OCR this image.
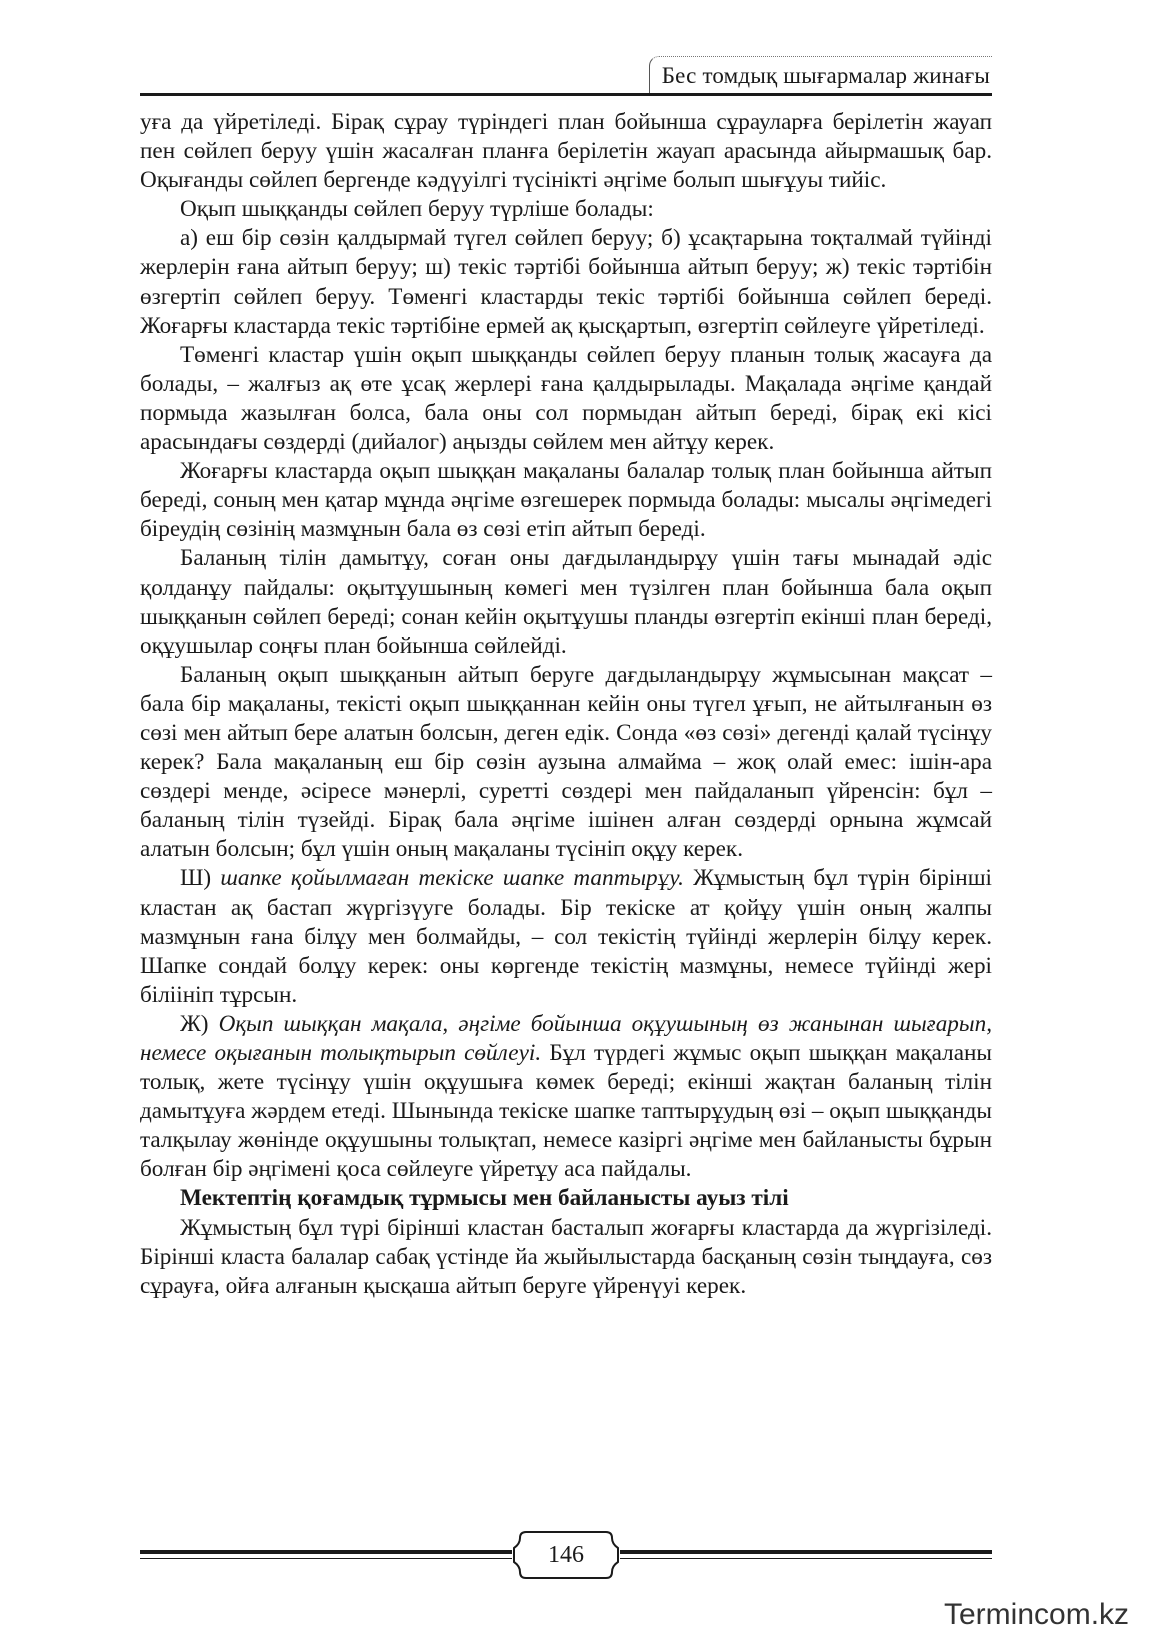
Бес томдық шығармалар жинағы

уға да үйретіледі. Бірақ сұрау түріндегі план бойынша сұрауларға берілетін жауап пен сөйлеп беруу үшін жасалған планға берілетін жауап арасында айырмашық бар. Оқығанды сөйлеп бергенде кәдүуілгі түсінікті әңгіме болып шығұуы тийіс.

Оқып шыққанды сөйлеп беруу түрліше болады:

а) еш бір сөзін қалдырмай түгел сөйлеп беруу; б) ұсақтарына тоқталмай түйінді жерлерін ғана айтып беруу; ш) текіс тәртібі бойынша айтып беруу; ж) текіс тәртібін өзгертіп сөйлеп беруу. Төменгі кластарды текіс тәртібі бойынша сөйлеп береді. Жоғарғы кластарда текіс тәртібіне ермей ақ қысқартып, өзгертіп сөйлеуге үйретіледі.

Төменгі кластар үшін оқып шыққанды сөйлеп беруу планын толық жасауға да болады, – жалғыз ақ өте ұсақ жерлері ғана қалдырылады. Мақалада әңгіме қандай пормыда жазылған болса, бала оны сол пормыдан айтып береді, бірақ екі кісі арасындағы сөздерді (дийалог) аңызды сөйлем мен айтұу керек.

Жоғарғы кластарда оқып шыққан мақаланы балалар толық план бойынша айтып береді, соның мен қатар мұнда әңгіме өзгешерек пормыда болады: мысалы әңгімедегі біреудің сөзінің мазмұнын бала өз сөзі етіп айтып береді.

Баланың тілін дамытұу, соған оны дағдыландырұу үшін тағы мынадай әдіс қолданұу пайдалы: оқытұушының көмегі мен түзілген план бойынша бала оқып шыққанын сөйлеп береді; сонан кейін оқытұушы планды өзгертіп екінші план береді, оқұушылар соңғы план бойынша сөйлейді.

Баланың оқып шыққанын айтып беруге дағдыландырұу жұмысынан мақсат – бала бір мақаланы, текісті оқып шыққаннан кейін оны түгел ұғып, не айтылғанын өз сөзі мен айтып бере алатын болсын, деген едік. Сонда «өз сөзі» дегенді қалай түсінұу керек? Бала мақаланың еш бір сөзін аузына алмайма – жоқ олай емес: ішін-ара сөздері менде, әсіресе мәнерлі, суретті сөздері мен пайдаланып үйренсін: бұл – баланың тілін түзейді. Бірақ бала әңгіме ішінен алған сөздерді орнына жұмсай алатын болсын; бұл үшін оның мақаланы түсініп оқұу керек.

Ш) шапке қойылмаған текіске шапке таптырұу. Жұмыстың бұл түрін бірінші кластан ақ бастап жүргізүуге болады. Бір текіске ат қойұу үшін оның жалпы мазмұнын ғана білұу мен болмайды, – сол текістің түйінді жерлерін білұу керек. Шапке сондай болұу керек: оны көргенде текістің мазмұны, немесе түйінді жері біліініп тұрсын.

Ж) Оқып шыққан мақала, әңгіме бойынша оқұушының өз жанынан шығарып, немесе оқығанын толықтырып сөйлеуі. Бұл түрдегі жұмыс оқып шыққан мақаланы толық, жете түсінұу үшін оқұушыға көмек береді; екінші жақтан баланың тілін дамытұуға жәрдем етеді. Шынында текіске шапке таптырұудың өзі – оқып шыққанды талқылау жөнінде оқұушыны толықтап, немесе казіргі әңгіме мен байланысты бұрын болған бір әңгімені қоса сөйлеуге үйретұу аса пайдалы.

Мектептің қоғамдық тұрмысы мен байланысты ауыз тілі

Жұмыстың бұл түрі бірінші кластан басталып жоғарғы кластарда да жүргізіледі. Бірінші класта балалар сабақ үстінде йа жыйылыстарда басқаның сөзін тыңдауға, сөз сұрауға, ойға алғанын қысқаша айтып беруге үйренүуі керек.

146
Termincom.kz
